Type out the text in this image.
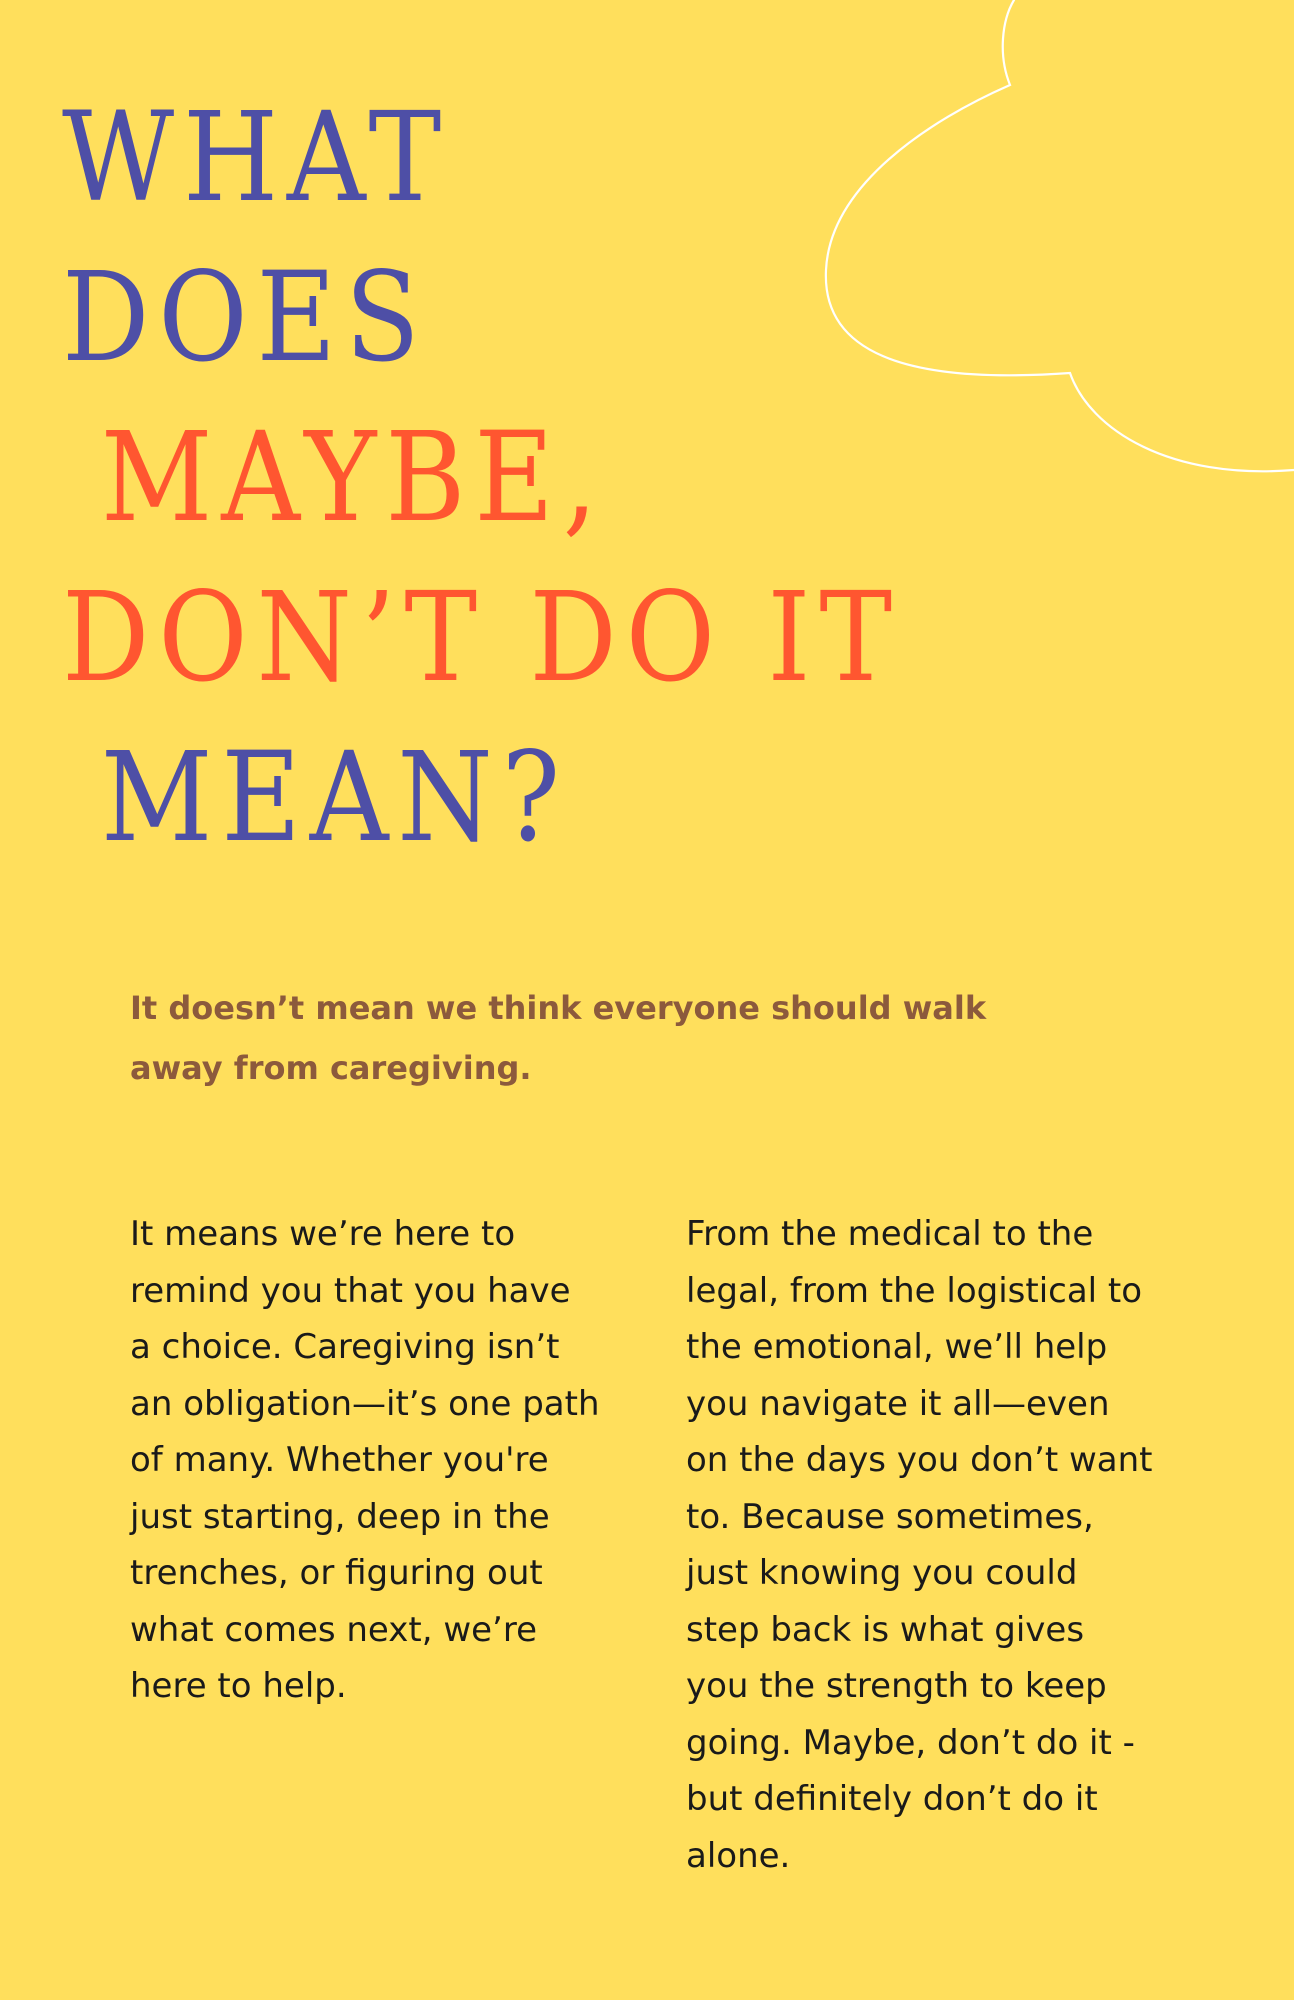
WHAT
DOES
MAYBE,
DON’T DO IT
MEAN?

It doesn’t mean we think everyone should walk away from caregiving.

It means we’re here to remind you that you have a choice. Caregiving isn’t an obligation—it’s one path of many. Whether you're just starting, deep in the trenches, or figuring out what comes next, we’re here to help.

From the medical to the legal, from the logistical to the emotional, we’ll help you navigate it all—even on the days you don’t want to. Because sometimes, just knowing you could step back is what gives you the strength to keep going. Maybe, don’t do it - but definitely don’t do it alone.
